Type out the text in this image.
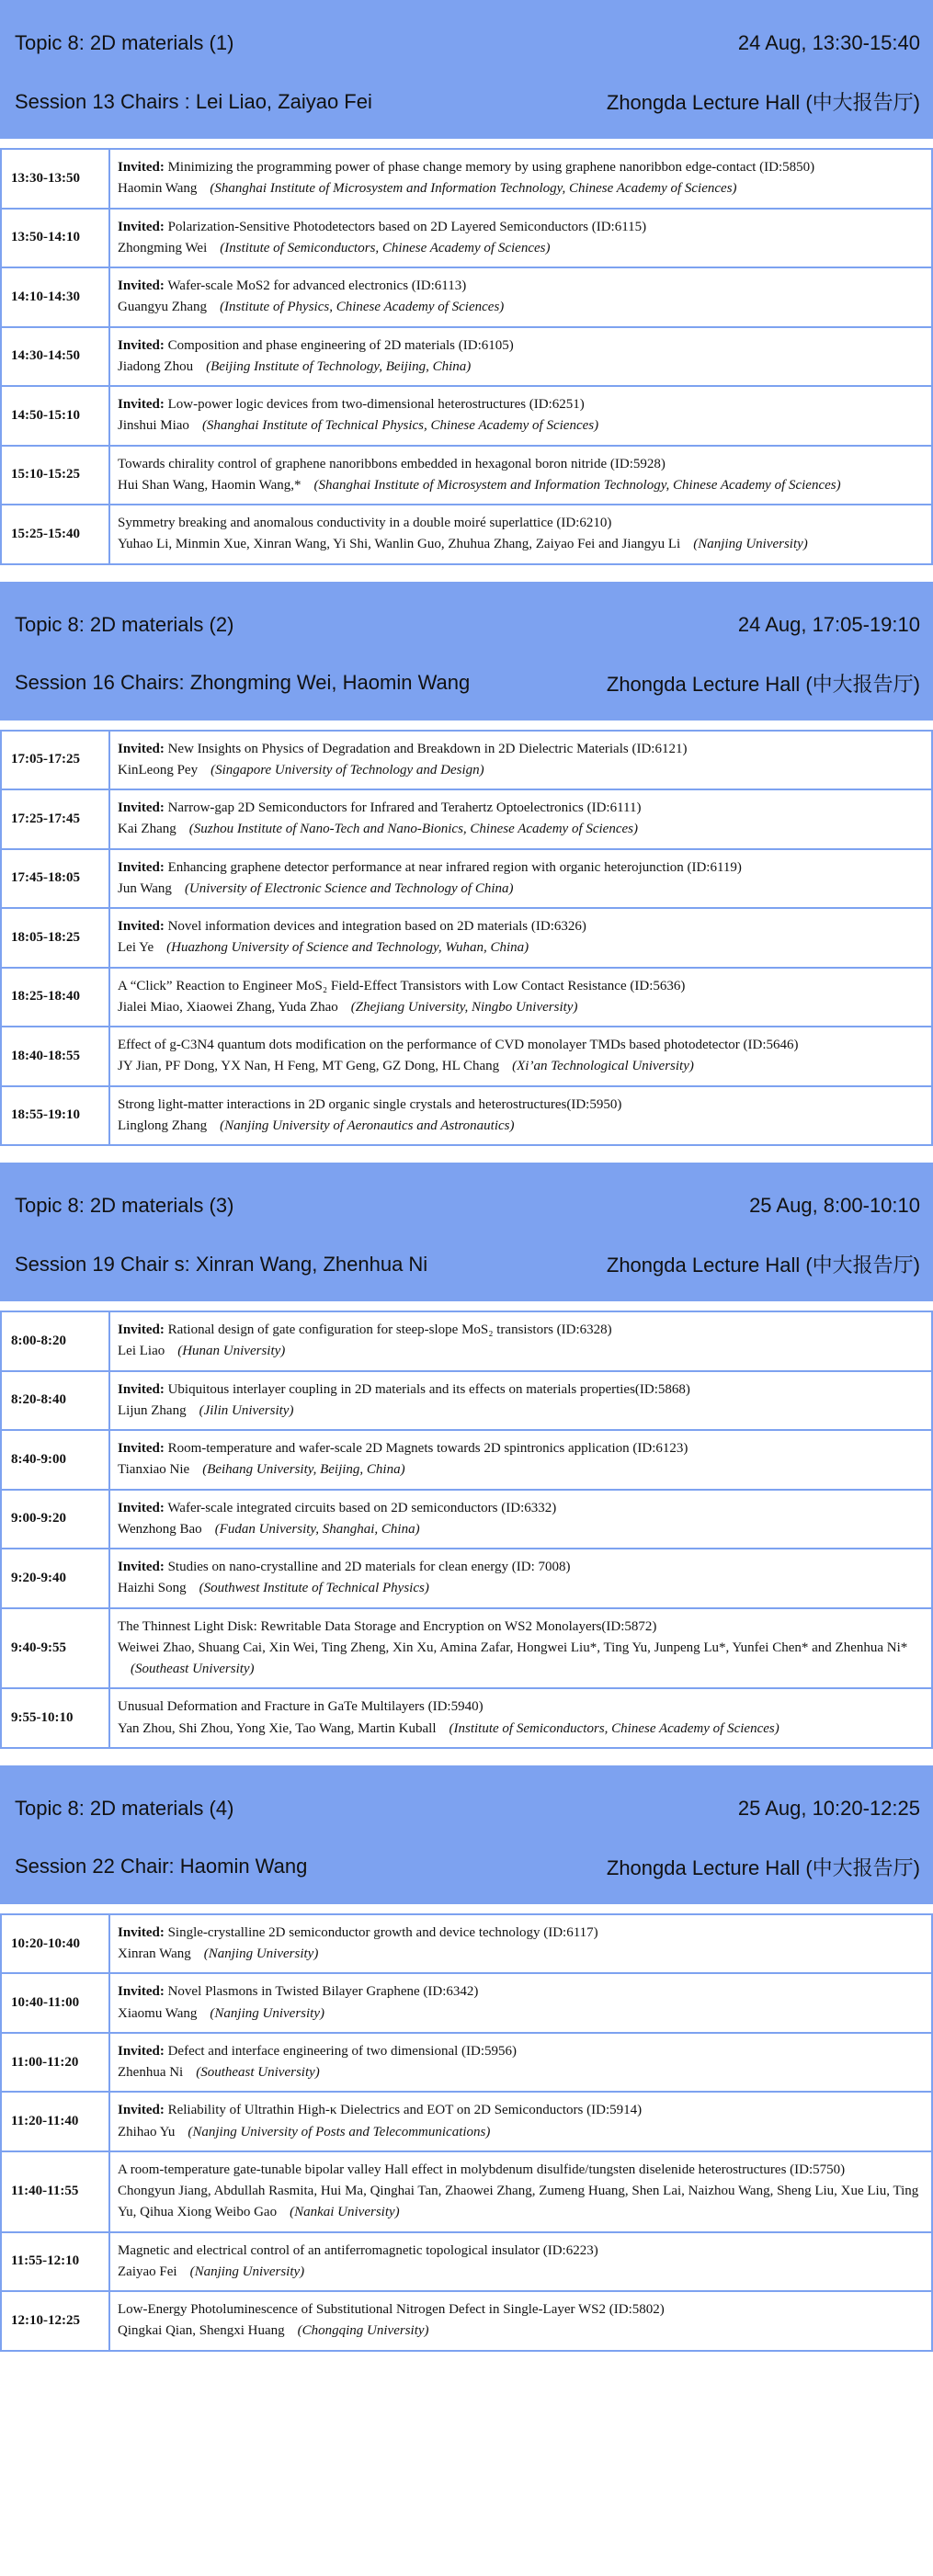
Topic 8: 2D materials (1)	24 Aug, 13:30-15:40
Session 13 Chairs : Lei Liao, Zaiyao Fei	Zhongda Lecture Hall (中大报告厅)
13:30-13:50
Invited: Minimizing the programming power of phase change memory by using graphene nanoribbon edge-contact (ID:5850)
Haomin Wang (Shanghai Institute of Microsystem and Information Technology, Chinese Academy of Sciences)
13:50-14:10
Invited: Polarization-Sensitive Photodetectors based on 2D Layered Semiconductors (ID:6115)
Zhongming Wei (Institute of Semiconductors, Chinese Academy of Sciences)
14:10-14:30
Invited: Wafer-scale MoS2 for advanced electronics (ID:6113)
Guangyu Zhang (Institute of Physics, Chinese Academy of Sciences)
14:30-14:50
Invited: Composition and phase engineering of 2D materials (ID:6105)
Jiadong Zhou (Beijing Institute of Technology, Beijing, China)
14:50-15:10
Invited: Low-power logic devices from two-dimensional heterostructures (ID:6251)
Jinshui Miao (Shanghai Institute of Technical Physics, Chinese Academy of Sciences)
15:10-15:25
Towards chirality control of graphene nanoribbons embedded in hexagonal boron nitride (ID:5928)
Hui Shan Wang, Haomin Wang,* (Shanghai Institute of Microsystem and Information Technology, Chinese Academy of Sciences)
15:25-15:40
Symmetry breaking and anomalous conductivity in a double moiré superlattice (ID:6210)
Yuhao Li, Minmin Xue, Xinran Wang, Yi Shi, Wanlin Guo, Zhuhua Zhang, Zaiyao Fei and Jiangyu Li (Nanjing University)
Topic 8: 2D materials (2)	24 Aug, 17:05-19:10
Session 16 Chairs: Zhongming Wei, Haomin Wang	Zhongda Lecture Hall (中大报告厅)
17:05-17:25
Invited: New Insights on Physics of Degradation and Breakdown in 2D Dielectric Materials (ID:6121)
KinLeong Pey (Singapore University of Technology and Design)
17:25-17:45
Invited: Narrow-gap 2D Semiconductors for Infrared and Terahertz Optoelectronics (ID:6111)
Kai Zhang (Suzhou Institute of Nano-Tech and Nano-Bionics, Chinese Academy of Sciences)
17:45-18:05
Invited: Enhancing graphene detector performance at near infrared region with organic heterojunction (ID:6119)
Jun Wang (University of Electronic Science and Technology of China)
18:05-18:25
Invited: Novel information devices and integration based on 2D materials (ID:6326)
Lei Ye (Huazhong University of Science and Technology, Wuhan, China)
18:25-18:40
A “Click” Reaction to Engineer MoS₂ Field-Effect Transistors with Low Contact Resistance (ID:5636)
Jialei Miao, Xiaowei Zhang, Yuda Zhao (Zhejiang University, Ningbo University)
18:40-18:55
Effect of g-C3N4 quantum dots modification on the performance of CVD monolayer TMDs based photodetector (ID:5646)
JY Jian, PF Dong, YX Nan, H Feng, MT Geng, GZ Dong, HL Chang (Xi’an Technological University)
18:55-19:10
Strong light-matter interactions in 2D organic single crystals and heterostructures(ID:5950)
Linglong Zhang (Nanjing University of Aeronautics and Astronautics)
Topic 8: 2D materials (3)	25 Aug, 8:00-10:10
Session 19 Chair s: Xinran Wang, Zhenhua Ni	Zhongda Lecture Hall (中大报告厅)
8:00-8:20
Invited: Rational design of gate configuration for steep-slope MoS₂ transistors (ID:6328)
Lei Liao (Hunan University)
8:20-8:40
Invited: Ubiquitous interlayer coupling in 2D materials and its effects on materials properties(ID:5868)
Lijun Zhang (Jilin University)
8:40-9:00
Invited: Room-temperature and wafer-scale 2D Magnets towards 2D spintronics application (ID:6123)
Tianxiao Nie (Beihang University, Beijing, China)
9:00-9:20
Invited: Wafer-scale integrated circuits based on 2D semiconductors (ID:6332)
Wenzhong Bao (Fudan University, Shanghai, China)
9:20-9:40
Invited: Studies on nano-crystalline and 2D materials for clean energy (ID: 7008)
Haizhi Song (Southwest Institute of Technical Physics)
9:40-9:55
The Thinnest Light Disk: Rewritable Data Storage and Encryption on WS2 Monolayers(ID:5872)
Weiwei Zhao, Shuang Cai, Xin Wei, Ting Zheng, Xin Xu, Amina Zafar, Hongwei Liu*, Ting Yu, Junpeng Lu*, Yunfei Chen* and Zhenhua Ni*(Southeast University)
9:55-10:10
Unusual Deformation and Fracture in GaTe Multilayers (ID:5940)
Yan Zhou, Shi Zhou, Yong Xie, Tao Wang, Martin Kuball (Institute of Semiconductors, Chinese Academy of Sciences)
Topic 8: 2D materials (4)	25 Aug, 10:20-12:25
Session 22 Chair: Haomin Wang	Zhongda Lecture Hall (中大报告厅)
10:20-10:40
Invited: Single-crystalline 2D semiconductor growth and device technology (ID:6117)
Xinran Wang (Nanjing University)
10:40-11:00
Invited: Novel Plasmons in Twisted Bilayer Graphene (ID:6342)
Xiaomu Wang (Nanjing University)
11:00-11:20
Invited: Defect and interface engineering of two dimensional (ID:5956)
Zhenhua Ni (Southeast University)
11:20-11:40
Invited: Reliability of Ultrathin High-κ Dielectrics and EOT on 2D Semiconductors (ID:5914)
Zhihao Yu (Nanjing University of Posts and Telecommunications)
11:40-11:55
A room-temperature gate-tunable bipolar valley Hall effect in molybdenum disulfide/tungsten diselenide heterostructures (ID:5750)
Chongyun Jiang, Abdullah Rasmita, Hui Ma, Qinghai Tan, Zhaowei Zhang, Zumeng Huang, Shen Lai, Naizhou Wang, Sheng Liu, Xue Liu, Ting Yu, Qihua Xiong Weibo Gao (Nankai University)
11:55-12:10
Magnetic and electrical control of an antiferromagnetic topological insulator (ID:6223)
Zaiyao Fei (Nanjing University)
12:10-12:25
Low-Energy Photoluminescence of Substitutional Nitrogen Defect in Single-Layer WS2 (ID:5802)
Qingkai Qian, Shengxi Huang (Chongqing University)
